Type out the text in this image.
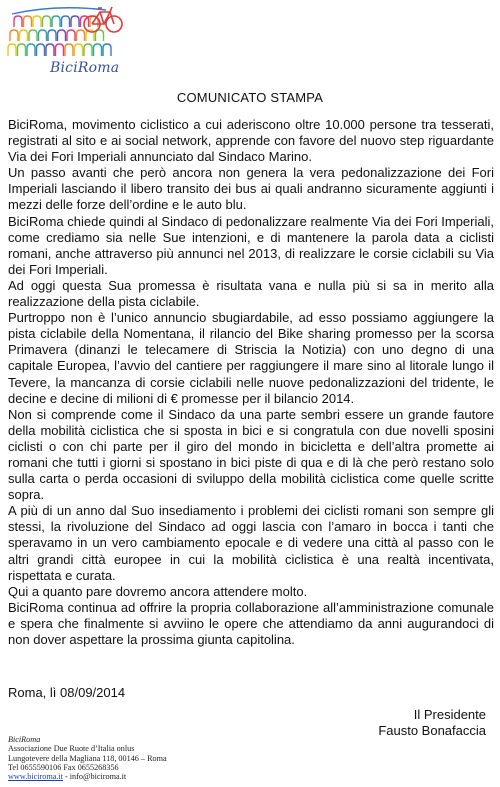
BiciRoma
COMUNICATO STAMPA

BiciRoma, movimento ciclistico a cui aderiscono oltre 10.000 persone tra tesserati, registrati al sito e ai social network, apprende con favore del nuovo step riguardante Via dei Fori Imperiali annunciato dal Sindaco Marino.

Un passo avanti che però ancora non genera la vera pedonalizzazione dei Fori Imperiali lasciando il libero transito dei bus ai quali andranno sicuramente aggiunti i mezzi delle forze dell’ordine e le auto blu.

BiciRoma chiede quindi al Sindaco di pedonalizzare realmente Via dei Fori Imperiali, come crediamo sia nelle Sue intenzioni, e di mantenere la parola data a ciclisti romani, anche attraverso più annunci nel 2013, di realizzare le corsie ciclabili su Via dei Fori Imperiali.

Ad oggi questa Sua promessa è risultata vana e nulla più si sa in merito alla realizzazione della pista ciclabile.

Purtroppo non è l’unico annuncio sbugiardabile, ad esso possiamo aggiungere la pista ciclabile della Nomentana, il rilancio del Bike sharing promesso per la scorsa Primavera (dinanzi le telecamere di Striscia la Notizia) con uno degno di una capitale Europea, l’avvio del cantiere per raggiungere il mare sino al litorale lungo il Tevere, la mancanza di corsie ciclabili nelle nuove pedonalizzazioni del tridente, le decine e decine di milioni di € promesse per il bilancio 2014.

Non si comprende come il Sindaco da una parte sembri essere un grande fautore della mobilità ciclistica che si sposta in bici e si congratula con due novelli sposini ciclisti o con chi parte per il giro del mondo in bicicletta e dell’altra promette ai romani che tutti i giorni si spostano in bici piste di qua e di là che però restano solo sulla carta o perda occasioni di sviluppo della mobilità ciclistica come quelle scritte sopra.

A più di un anno dal Suo insediamento i problemi dei ciclisti romani son sempre gli stessi, la rivoluzione del Sindaco ad oggi lascia con l’amaro in bocca i tanti che speravamo in un vero cambiamento epocale e di vedere una città al passo con le altri grandi città europee in cui la mobilità ciclistica è una realtà incentivata, rispettata e curata.

Qui a quanto pare dovremo ancora attendere molto.

BiciRoma continua ad offrire la propria collaborazione all’amministrazione comunale e spera che finalmente si avviino le opere che attendiamo da anni augurandoci di non dover aspettare la prossima giunta capitolina.

Roma, lì 08/09/2014
Il Presidente
Fausto Bonafaccia
BiciRoma
Associazione Due Ruote d’Italia onlus
Lungotevere della Magliana 118, 00146 – Roma
Tel 0655590106 Fax 0655268356
www.biciroma.it - info@biciroma.it
